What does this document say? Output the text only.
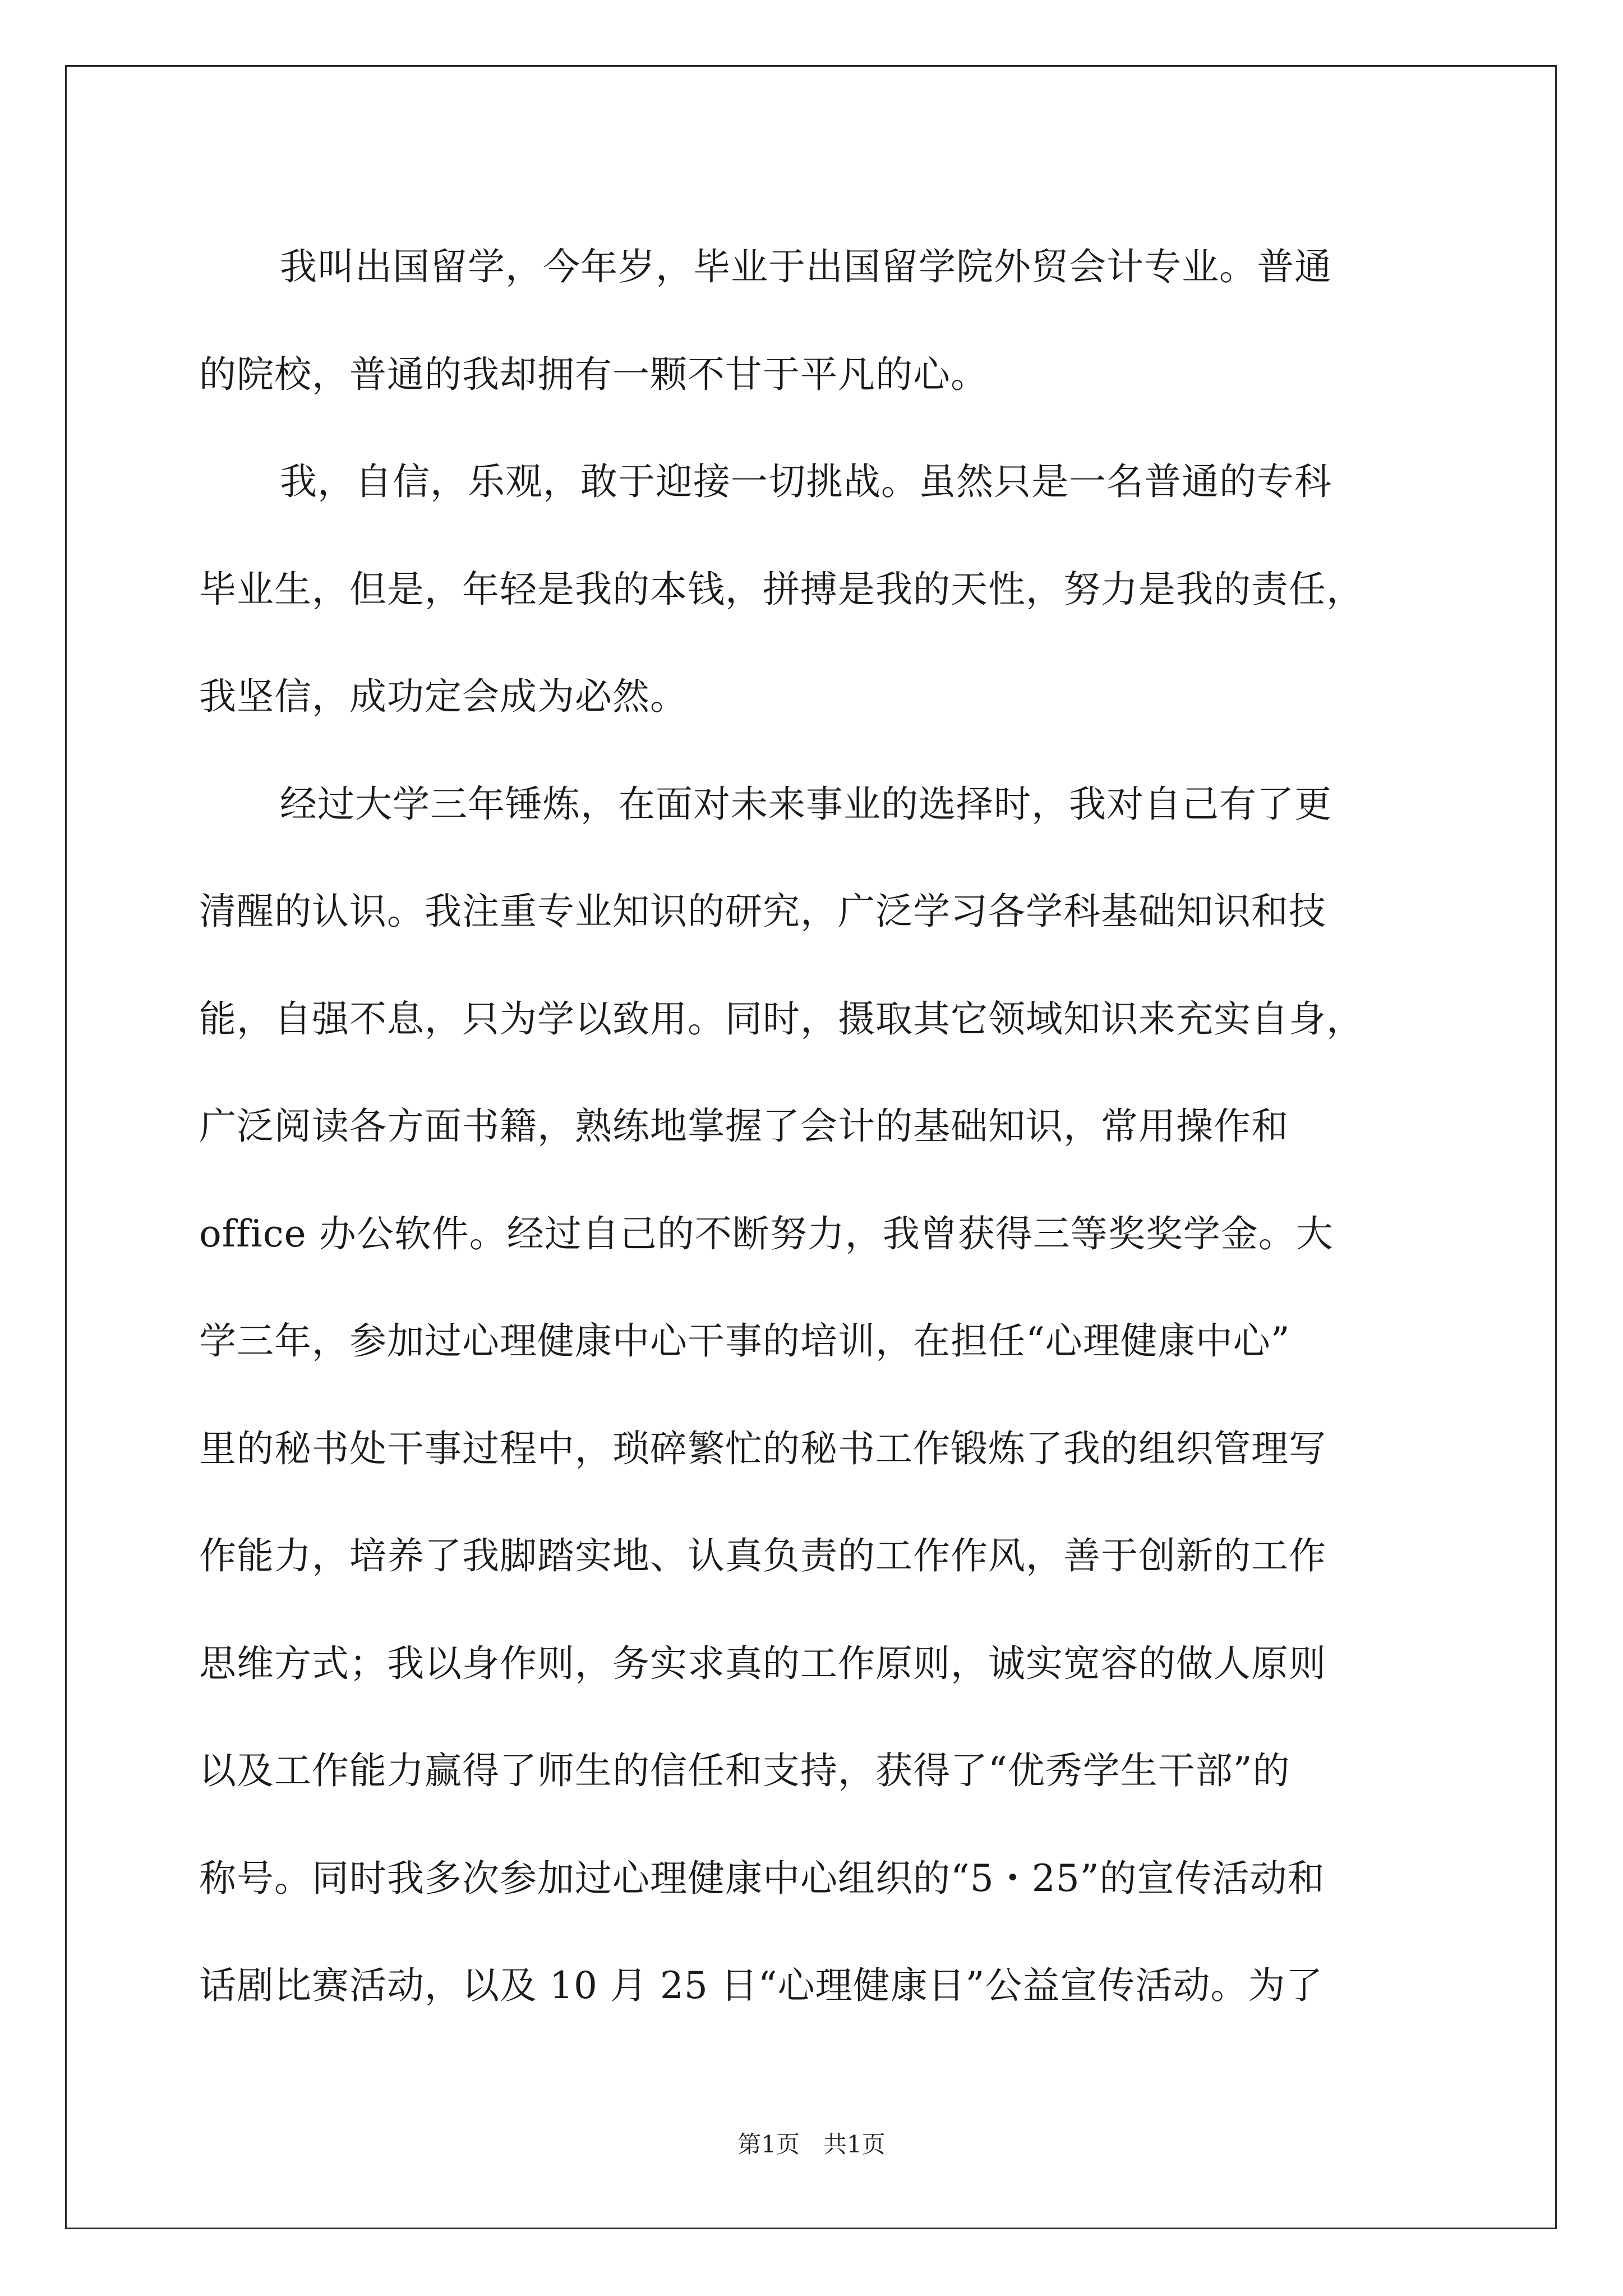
我叫出国留学，今年岁，毕业于出国留学院外贸会计专业。普通
的院校，普通的我却拥有一颗不甘于平凡的心。
我，自信，乐观，敢于迎接一切挑战。虽然只是一名普通的专科
毕业生，但是，年轻是我的本钱，拼搏是我的天性，努力是我的责任，
我坚信，成功定会成为必然。
经过大学三年锤炼，在面对未来事业的选择时，我对自己有了更
清醒的认识。我注重专业知识的研究，广泛学习各学科基础知识和技
能，自强不息，只为学以致用。同时，摄取其它领域知识来充实自身，
广泛阅读各方面书籍，熟练地掌握了会计的基础知识，常用操作和
office 办公软件。经过自己的不断努力，我曾获得三等奖奖学金。大
学三年，参加过心理健康中心干事的培训，在担任“心理健康中心”
里的秘书处干事过程中，琐碎繁忙的秘书工作锻炼了我的组织管理写
作能力，培养了我脚踏实地、认真负责的工作作风，善于创新的工作
思维方式；我以身作则，务实求真的工作原则，诚实宽容的做人原则
以及工作能力赢得了师生的信任和支持，获得了“优秀学生干部”的
称号。同时我多次参加过心理健康中心组织的“5・25”的宣传活动和
话剧比赛活动，以及 10 月 25 日“心理健康日”公益宣传活动。为了
第1页　共1页
